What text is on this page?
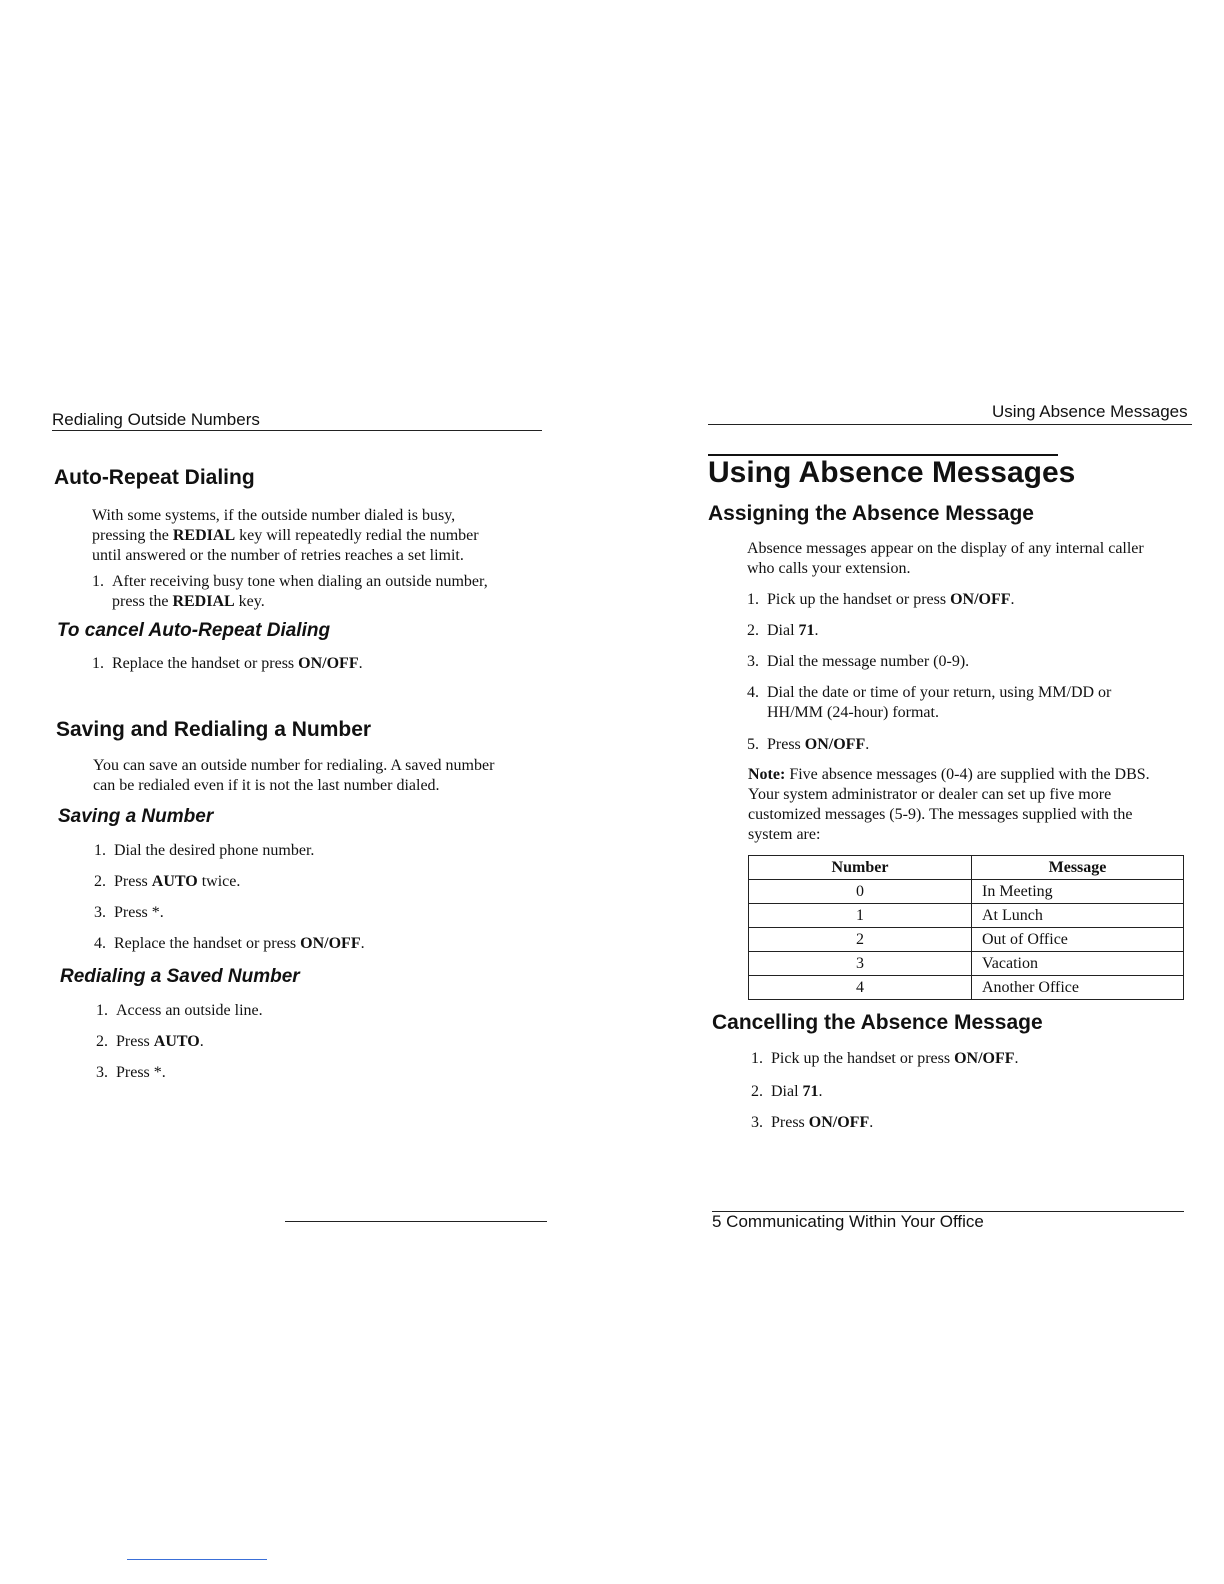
Redialing Outside Numbers
Auto-Repeat Dialing
With some systems, if the outside number dialed is busy,
pressing the REDIAL key will repeatedly redial the number
until answered or the number of retries reaches a set limit.
1. After receiving busy tone when dialing an outside number,
press the REDIAL key.
To cancel Auto-Repeat Dialing
1. Replace the handset or press ON/OFF.
Saving and Redialing a Number
You can save an outside number for redialing. A saved number
can be redialed even if it is not the last number dialed.
Saving a Number
1. Dial the desired phone number.
2. Press AUTO twice.
3. Press *.
4. Replace the handset or press ON/OFF.
Redialing a Saved Number
1. Access an outside line.
2. Press AUTO.
3. Press *.
Using Absence Messages
Using Absence Messages
Assigning the Absence Message
Absence messages appear on the display of any internal caller
who calls your extension.
1. Pick up the handset or press ON/OFF.
2. Dial 71.
3. Dial the message number (0-9).
4. Dial the date or time of your return, using MM/DD or
HH/MM (24-hour) format.
5. Press ON/OFF.
Note: Five absence messages (0-4) are supplied with the DBS.
Your system administrator or dealer can set up five more
customized messages (5-9). The messages supplied with the
system are:
Number	Message
0	In Meeting
1	At Lunch
2	Out of Office
3	Vacation
4	Another Office
Cancelling the Absence Message
1. Pick up the handset or press ON/OFF.
2. Dial 71.
3. Press ON/OFF.
5 Communicating Within Your Office
